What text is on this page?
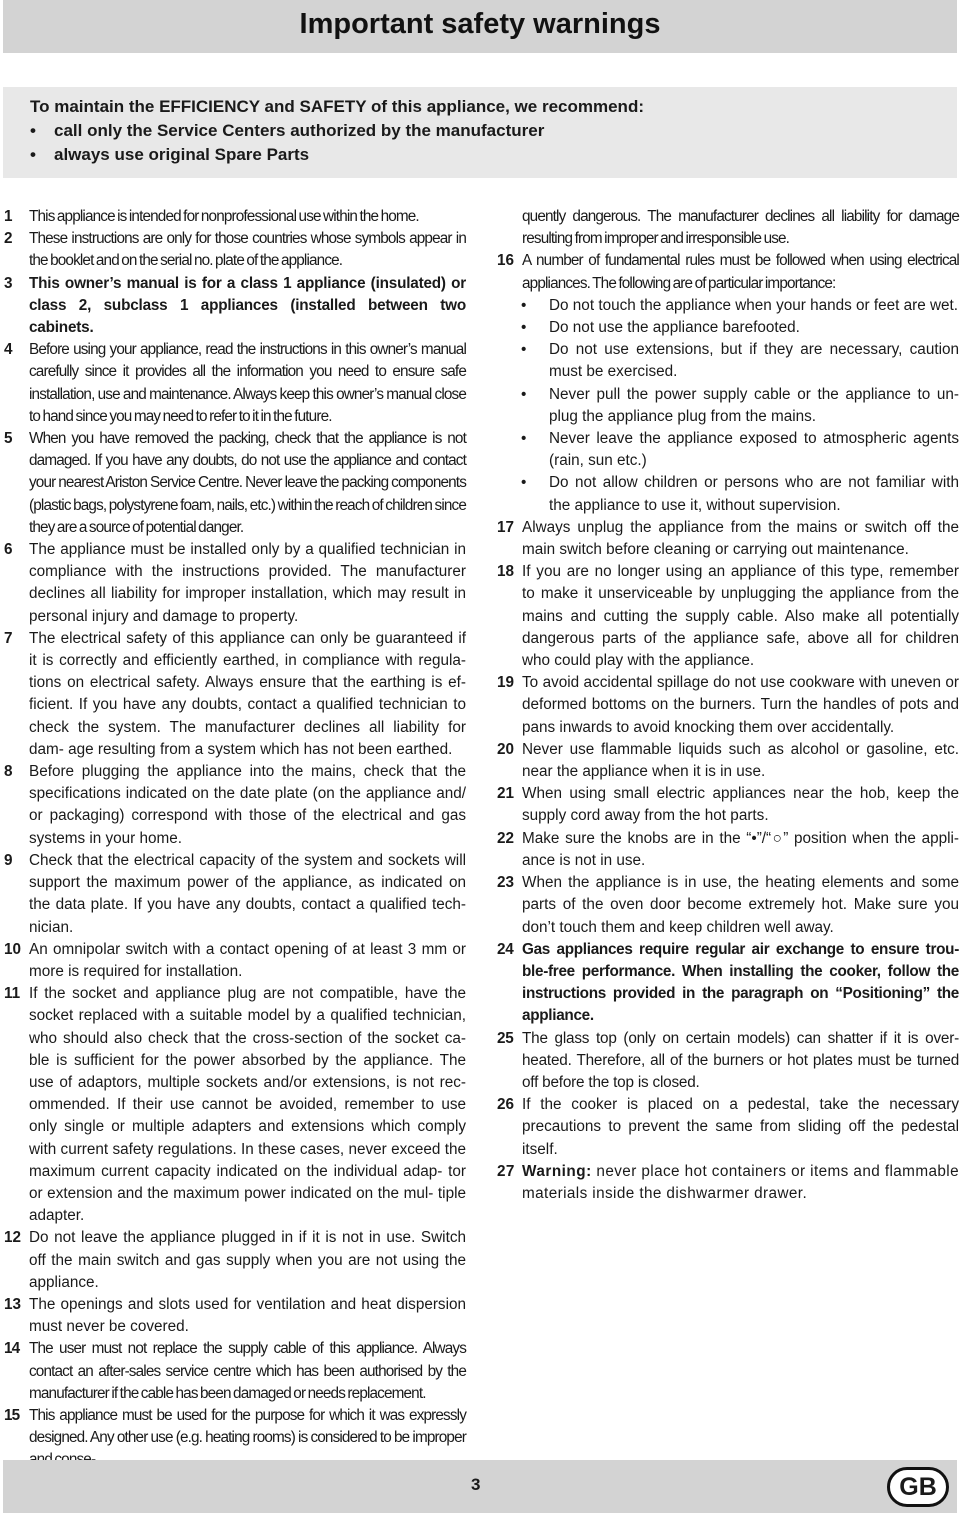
Important safety warnings
To maintain the EFFICIENCY and SAFETY of this appliance, we recommend:
• call only the Service Centers authorized by the manufacturer
• always use original Spare Parts
1 This appliance is intended for nonprofessional use within the home.
2 These instructions are only for those countries whose symbols appear in the booklet and on the serial no. plate of the appliance.
3 This owner’s manual is for a class 1 appliance (insulated) or class 2, subclass 1 appliances (installed between two cabinets.
4 Before using your appliance, read the instructions in this owner’s manual carefully since it provides all the information you need to ensure safe installation, use and maintenance. Always keep this owner’s manual close to hand since you may need to refer to it in the future.
5 When you have removed the packing, check that the appliance is not damaged. If you have any doubts, do not use the appliance and contact your nearest Ariston Service Centre. Never leave the packing components (plastic bags, polystyrene foam, nails, etc.) within the reach of children since they are a source of potential danger.
6 The appliance must be installed only by a qualified technician in compliance with the instructions provided. The manufacturer declines all liability for improper installation, which may result in personal injury and damage to property.
7 The electrical safety of this appliance can only be guaranteed if it is correctly and efficiently earthed, in compliance with regula- tions on electrical safety. Always ensure that the earthing is ef- ficient. If you have any doubts, contact a qualified technician to check the system. The manufacturer declines all liability for dam- age resulting from a system which has not been earthed.
8 Before plugging the appliance into the mains, check that the specifications indicated on the date plate (on the appliance and/ or packaging) correspond with those of the electrical and gas systems in your home.
9 Check that the electrical capacity of the system and sockets will support the maximum power of the appliance, as indicated on the data plate. If you have any doubts, contact a qualified tech- nician.
10 An omnipolar switch with a contact opening of at least 3 mm or more is required for installation.
11 If the socket and appliance plug are not compatible, have the socket replaced with a suitable model by a qualified technician, who should also check that the cross-section of the socket ca- ble is sufficient for the power absorbed by the appliance. The use of adaptors, multiple sockets and/or extensions, is not rec- ommended. If their use cannot be avoided, remember to use only single or multiple adapters and extensions which comply with current safety regulations. In these cases, never exceed the maximum current capacity indicated on the individual adap- tor or extension and the maximum power indicated on the mul- tiple adapter.
12 Do not leave the appliance plugged in if it is not in use. Switch off the main switch and gas supply when you are not using the appliance.
13 The openings and slots used for ventilation and heat dispersion must never be covered.
14 The user must not replace the supply cable of this appliance. Always contact an after-sales service centre which has been authorised by the manufacturer if the cable has been damaged or needs replacement.
15 This appliance must be used for the purpose for which it was expressly designed. Any other use (e.g. heating rooms) is considered to be improper
quently dangerous. The manufacturer declines all liability for damage resulting from improper and irresponsible use.
16 A number of fundamental rules must be followed when using electrical appliances. The following are of particular importance:
• Do not touch the appliance when your hands or feet are wet.
• Do not use the appliance barefooted.
• Do not use extensions, but if they are necessary, caution must be exercised.
• Never pull the power supply cable or the appliance to un- plug the appliance plug from the mains.
• Never leave the appliance exposed to atmospheric agents (rain, sun etc.)
• Do not allow children or persons who are not familiar with the appliance to use it, without supervision.
17 Always unplug the appliance from the mains or switch off the main switch before cleaning or carrying out maintenance.
18 If you are no longer using an appliance of this type, remember to make it unserviceable by unplugging the appliance from the mains and cutting the supply cable. Also make all potentially dangerous parts of the appliance safe, above all for children who could play with the appliance.
19 To avoid accidental spillage do not use cookware with uneven or deformed bottoms on the burners. Turn the handles of pots and pans inwards to avoid knocking them over accidentally.
20 Never use flammable liquids such as alcohol or gasoline, etc. near the appliance when it is in use.
21 When using small electric appliances near the hob, keep the supply cord away from the hot parts.
22 Make sure the knobs are in the “•”/“○” position when the appli- ance is not in use.
23 When the appliance is in use, the heating elements and some parts of the oven door become extremely hot. Make sure you don’t touch them and keep children well away.
24 Gas appliances require regular air exchange to ensure trou- ble-free performance. When installing the cooker, follow the instructions provided in the paragraph on “Positioning” the appliance.
25 The glass top (only on certain models) can shatter if it is over- heated. Therefore, all of the burners or hot plates must be turned off before the top is closed.
26 If the cooker is placed on a pedestal, take the necessary precautions to prevent the same from sliding off the pedestal itself.
27 Warning: never place hot containers or items and flammable materials inside the dishwarmer drawer.
3	GB
